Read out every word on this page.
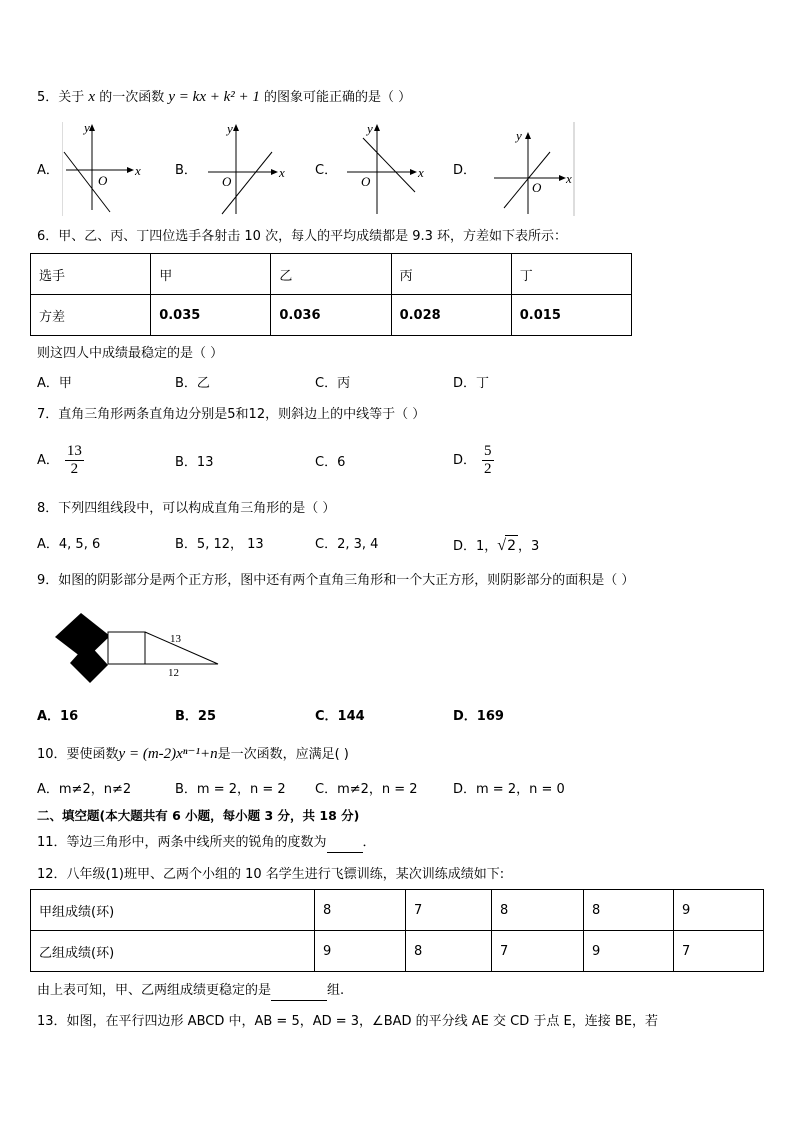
5．关于 x 的一次函数 y = kx + k² + 1 的图象可能正确的是（ ）
A．	B．	C．	D．
y
x
O
y
x
O
y
x
O
y
x
O
6．甲、乙、丙、丁四位选手各射击 10 次，每人的平均成绩都是 9.3 环，方差如下表所示：
选手	甲	乙	丙	丁
方差	0.035	0.036	0.028	0.015
则这四人中成绩最稳定的是（ ）
A．甲	B．乙	C．丙	D．丁
7．直角三角形两条直角边分别是5和12，则斜边上的中线等于（ ）
A． $\frac{13}{2}$	B．13	C．6	D． $\frac{5}{2}$
8．下列四组线段中，可以构成直角三角形的是（ ）
A．4, 5, 6	B．5, 12， 13	C．2, 3, 4	D．1，√2 ，3
9．如图的阴影部分是两个正方形，图中还有两个直角三角形和一个大正方形，则阴影部分的面积是（ ）
13
12
A．16	B．25	C．144	D．169
10．要使函数y = (m-2)xⁿ⁻¹+n是一次函数，应满足( )
A．m≠2，n≠2	B．m = 2，n = 2 C．m≠2，n = 2	D．m = 2，n = 0
二、填空题(本大题共有 6 小题，每小题 3 分，共 18 分)
11．等边三角形中，两条中线所夹的锐角的度数为	．
12．八年级(1)班甲、乙两个小组的 10 名学生进行飞镖训练，某次训练成绩如下:
甲组成绩(环)	8	7	8	8	9
乙组成绩(环)	9	8	7	9	7
由上表可知，甲、乙两组成绩更稳定的是	组.
13．如图，在平行四边形 ABCD 中，AB = 5，AD = 3，∠BAD 的平分线 AE 交 CD 于点 E，连接 BE，若
